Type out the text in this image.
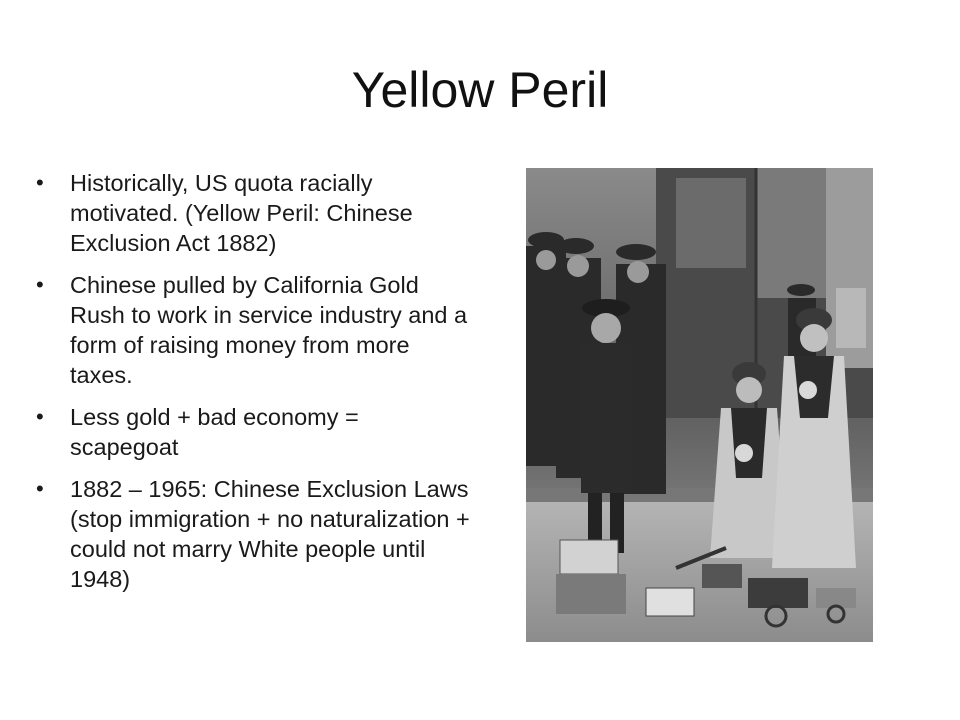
Yellow Peril
• Historically, US quota racially motivated. (Yellow Peril: Chinese Exclusion Act 1882)
• Chinese pulled by California Gold Rush to work in service industry and a form of raising money from more taxes.
• Less gold + bad economy = scapegoat
• 1882 – 1965: Chinese Exclusion Laws (stop immigration + no naturalization + could not marry White people until 1948)
